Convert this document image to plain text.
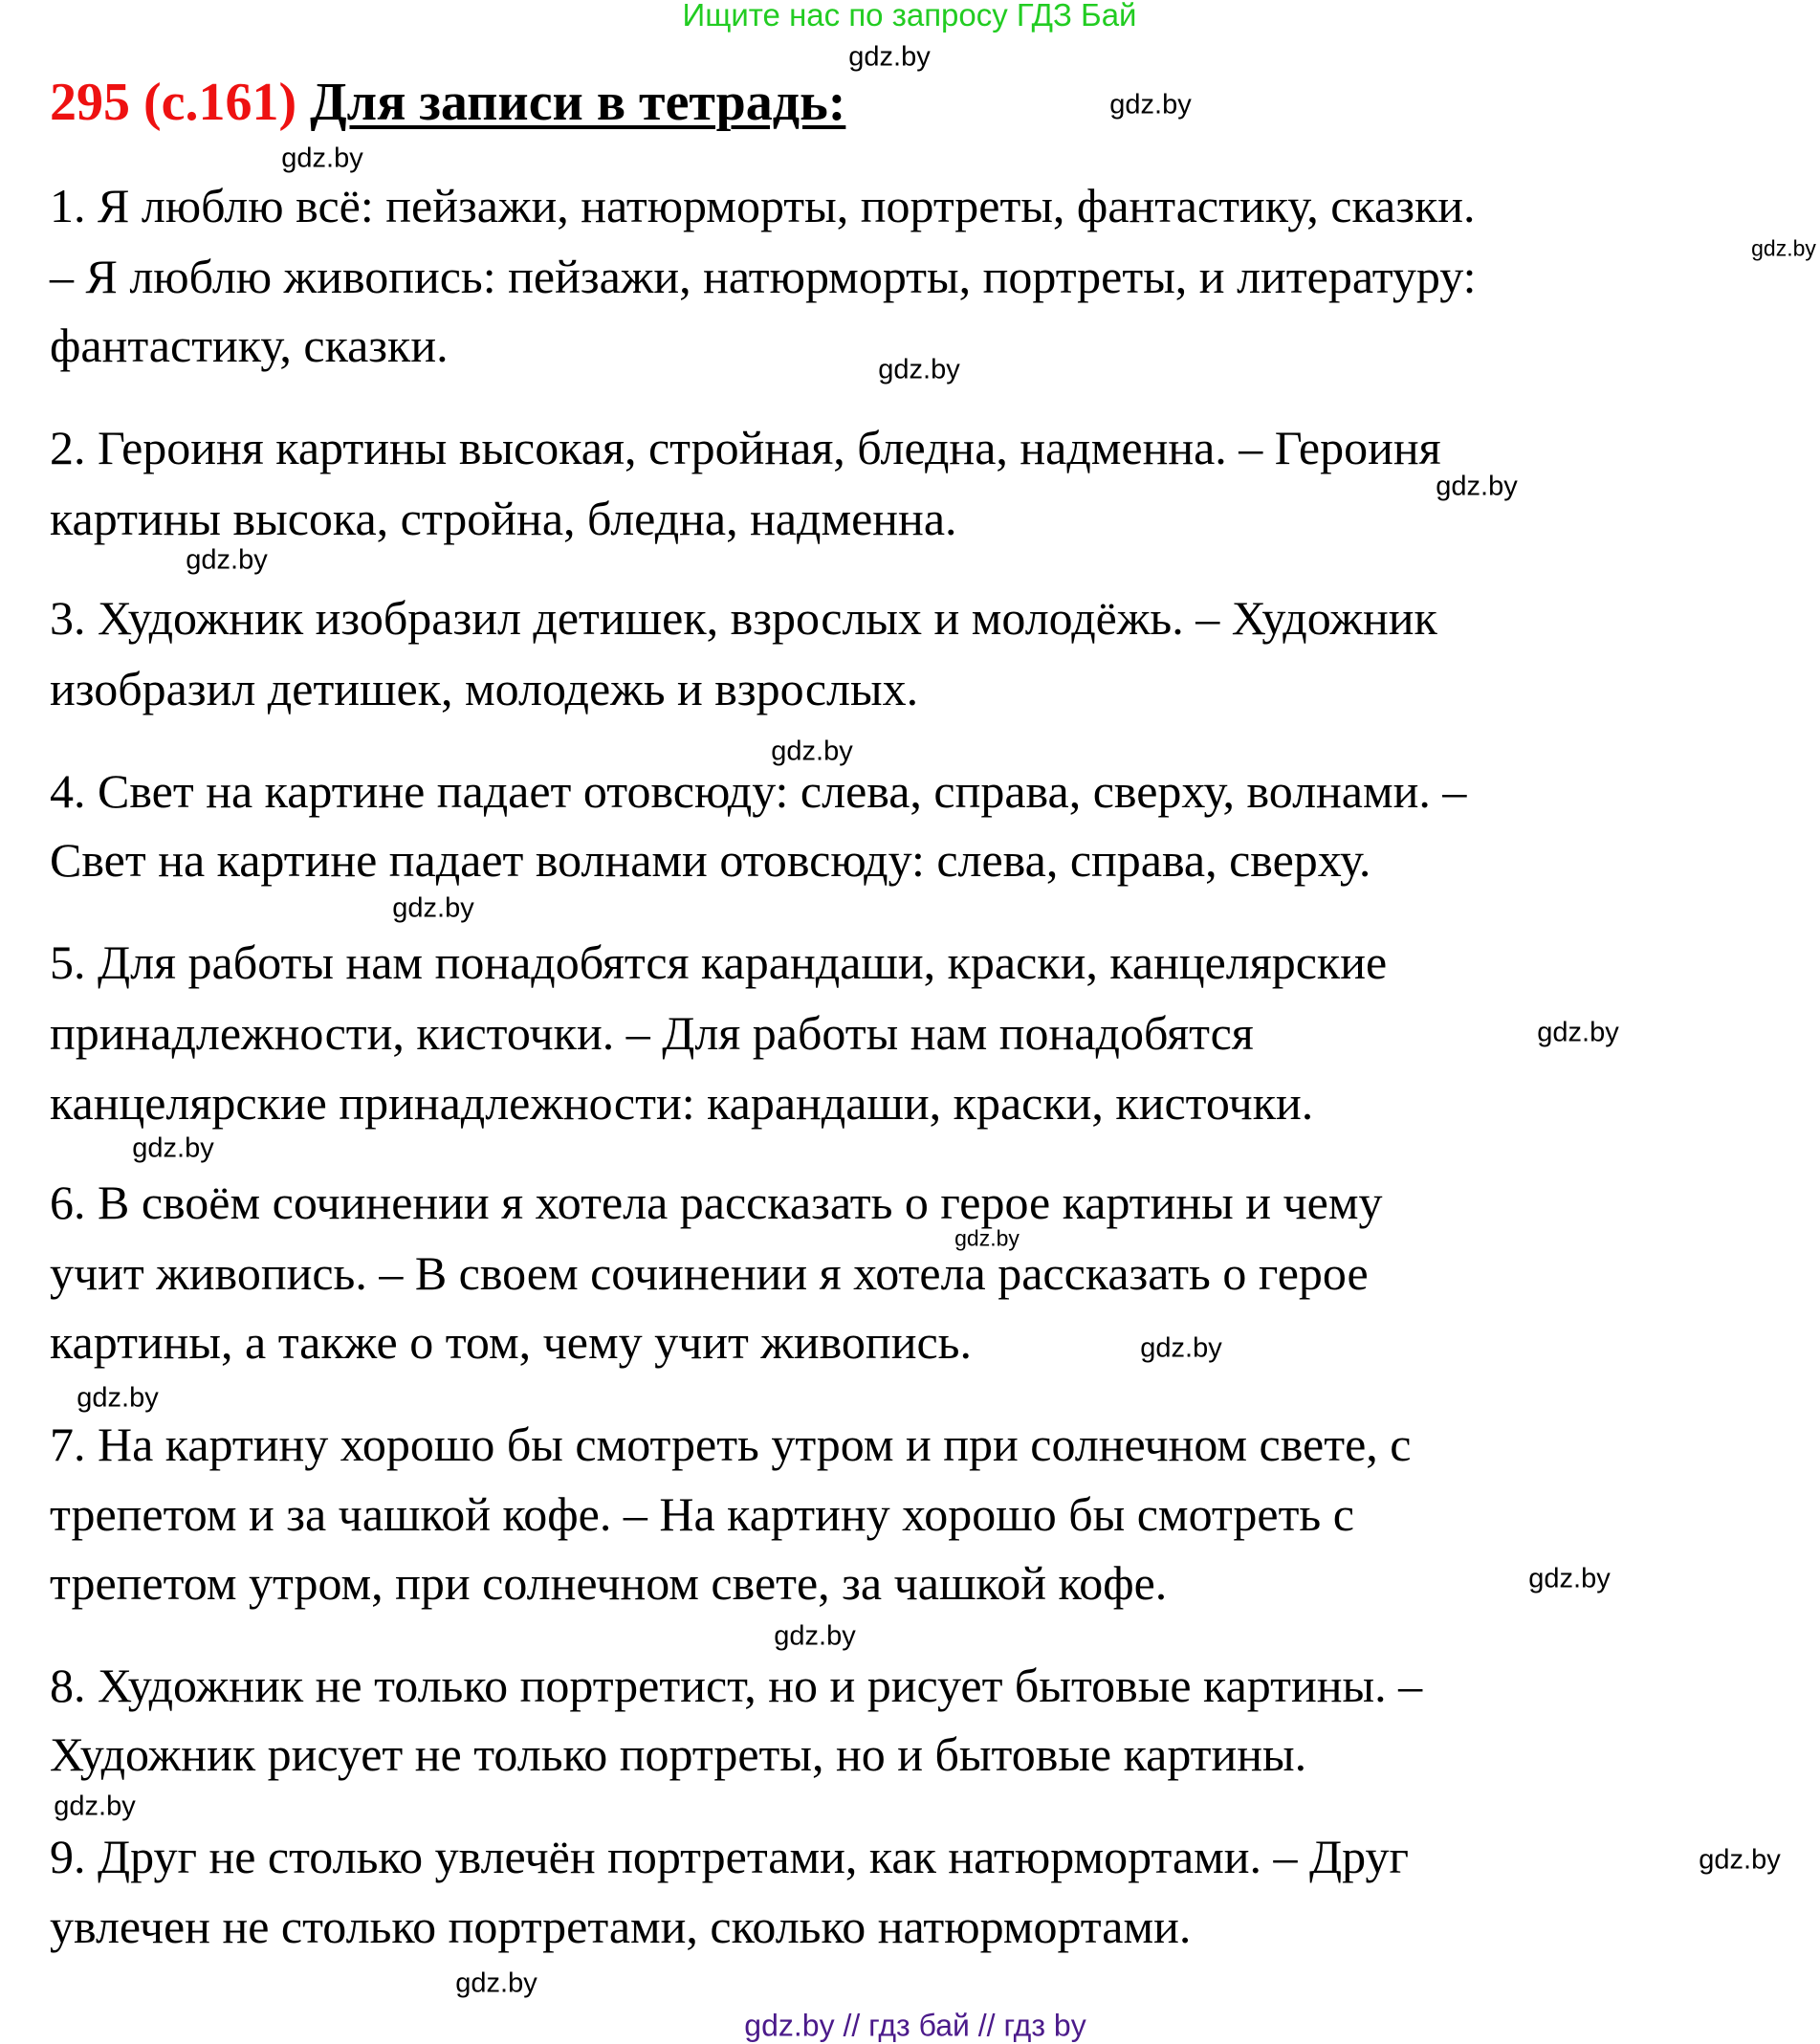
Ищите нас по запросу ГДЗ Бай
295 (с.161) Для записи в тетрадь:
1. Я люблю всё: пейзажи, натюрморты, портреты, фантастику, сказки.
– Я люблю живопись: пейзажи, натюрморты, портреты, и литературу:
фантастику, сказки.
2. Героиня картины высокая, стройная, бледна, надменна. – Героиня
картины высока, стройна, бледна, надменна.
3. Художник изобразил детишек, взрослых и молодёжь. – Художник
изобразил детишек, молодежь и взрослых.
4. Свет на картине падает отовсюду: слева, справа, сверху, волнами. –
Свет на картине падает волнами отовсюду: слева, справа, сверху.
5. Для работы нам понадобятся карандаши, краски, канцелярские
принадлежности, кисточки. – Для работы нам понадобятся
канцелярские принадлежности: карандаши, краски, кисточки.
6. В своём сочинении я хотела рассказать о герое картины и чему
учит живопись. – В своем сочинении я хотела рассказать о герое
картины, а также о том, чему учит живопись.
7. На картину хорошо бы смотреть утром и при солнечном свете, с
трепетом и за чашкой кофе. – На картину хорошо бы смотреть с
трепетом утром, при солнечном свете, за чашкой кофе.
8. Художник не только портретист, но и рисует бытовые картины. –
Художник рисует не только портреты, но и бытовые картины.
9. Друг не столько увлечён портретами, как натюрмортами. – Друг
увлечен не столько портретами, сколько натюрмортами.
gdz.by
gdz.by
gdz.by
gdz.by
gdz.by
gdz.by
gdz.by
gdz.by
gdz.by
gdz.by
gdz.by
gdz.by
gdz.by
gdz.by
gdz.by
gdz.by
gdz.by
gdz.by
gdz.by
gdz.by // гдз бай // гдз by
